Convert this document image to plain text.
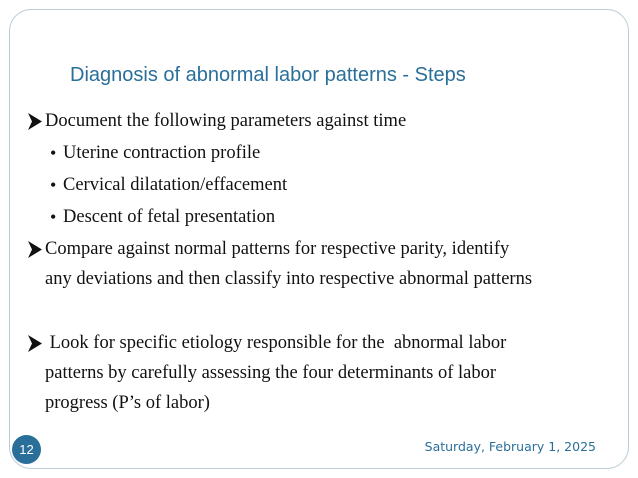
Diagnosis of abnormal labor patterns - Steps
Document the following parameters against time
• Uterine contraction profile
• Cervical dilatation/effacement
• Descent of fetal presentation
Compare against normal patterns for respective parity, identify
any deviations and then classify into respective abnormal patterns
Look for specific etiology responsible for the  abnormal labor
patterns by carefully assessing the four determinants of labor
progress (P’s of labor)
12	Saturday, February 1, 2025
